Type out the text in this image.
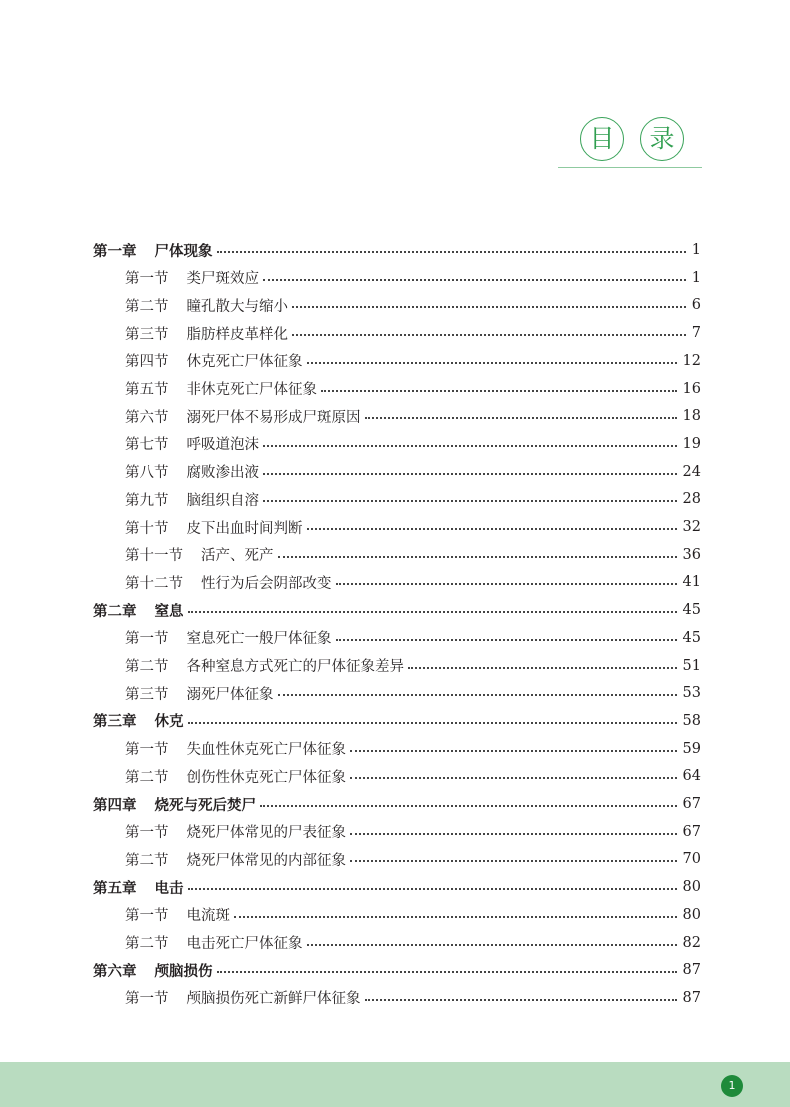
目	录
第一章 尸体现象	1
第一节 类尸斑效应	1
第二节 瞳孔散大与缩小	6
第三节 脂肪样皮革样化	7
第四节 休克死亡尸体征象	12
第五节 非休克死亡尸体征象	16
第六节 溺死尸体不易形成尸斑原因	18
第七节 呼吸道泡沫	19
第八节 腐败渗出液	24
第九节 脑组织自溶	28
第十节 皮下出血时间判断	32
第十一节 活产、死产	36
第十二节 性行为后会阴部改变	41
第二章 窒息	45
第一节 窒息死亡一般尸体征象	45
第二节 各种窒息方式死亡的尸体征象差异	51
第三节 溺死尸体征象	53
第三章 休克	58
第一节 失血性休克死亡尸体征象	59
第二节 创伤性休克死亡尸体征象	64
第四章 烧死与死后焚尸	67
第一节 烧死尸体常见的尸表征象	67
第二节 烧死尸体常见的内部征象	70
第五章 电击	80
第一节 电流斑	80
第二节 电击死亡尸体征象	82
第六章 颅脑损伤	87
第一节 颅脑损伤死亡新鲜尸体征象	87
1
